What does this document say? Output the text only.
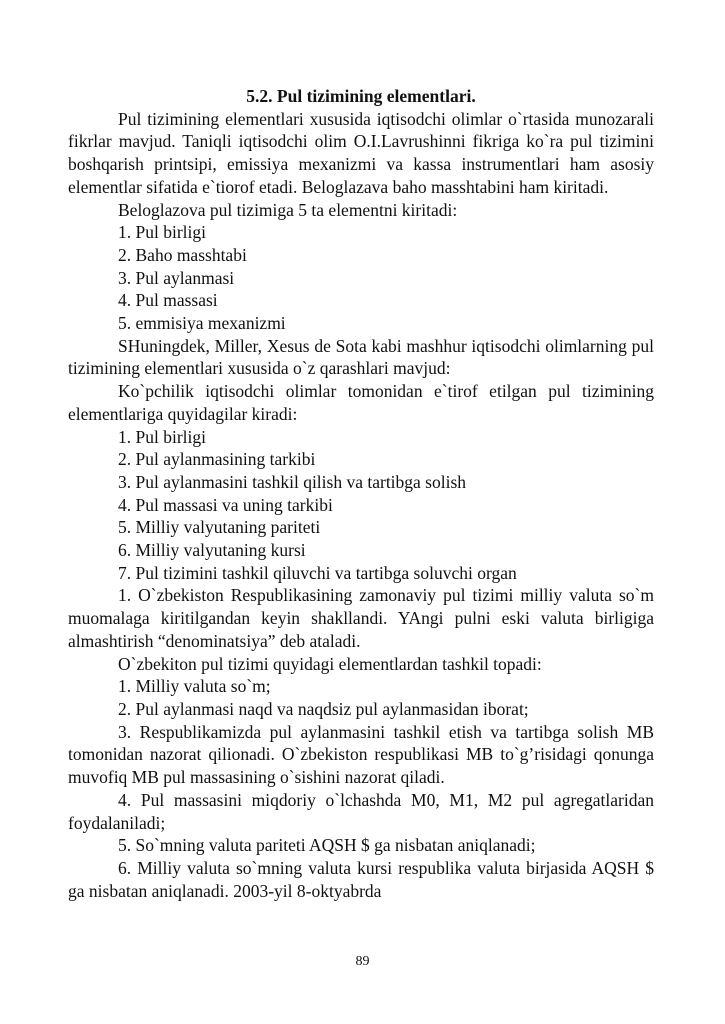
5.2. Pul tizimining elementlari.

Pul tizimining elementlari xususida iqtisodchi olimlar o`rtasida munozarali fikrlar mavjud. Taniqli iqtisodchi olim O.I.Lavrushinni fikriga ko`ra pul tizimini boshqarish printsipi, emissiya mexanizmi va kassa instrumentlari ham asosiy elementlar sifatida e`tiorof etadi. Beloglazava baho masshtabini ham kiritadi.

Beloglazova pul tizimiga 5 ta elementni kiritadi:

1. Pul birligi

2. Baho masshtabi

3. Pul aylanmasi

4. Pul massasi

5. emmisiya mexanizmi

SHuningdek, Miller, Xesus de Sota kabi mashhur iqtisodchi olimlarning pul tizimining elementlari xususida o`z qarashlari mavjud:

Ko`pchilik iqtisodchi olimlar tomonidan e`tirof etilgan pul tizimining elementlariga quyidagilar kiradi:

1. Pul birligi

2. Pul aylanmasining tarkibi

3. Pul aylanmasini tashkil qilish va tartibga solish

4. Pul massasi va uning tarkibi

5. Milliy valyutaning pariteti

6. Milliy valyutaning kursi

7. Pul tizimini tashkil qiluvchi va tartibga soluvchi organ

1. O`zbekiston Respublikasining zamonaviy pul tizimi milliy valuta so`m muomalaga kiritilgandan keyin shakllandi. YAngi pulni eski valuta birligiga almashtirish “denominatsiya” deb ataladi.

O`zbekiton pul tizimi quyidagi elementlardan tashkil topadi:

1. Milliy valuta so`m;

2. Pul aylanmasi naqd va naqdsiz pul aylanmasidan iborat;

3. Respublikamizda pul aylanmasini tashkil etish va tartibga solish MB tomonidan nazorat qilionadi. O`zbekiston respublikasi MB to`g’risidagi qonunga muvofiq MB pul massasining o`sishini nazorat qiladi.

4. Pul massasini miqdoriy o`lchashda M0, M1, M2 pul agregatlaridan foydalaniladi;

5. So`mning valuta pariteti AQSH $ ga nisbatan aniqlanadi;

6. Milliy valuta so`mning valuta kursi respublika valuta birjasida AQSH $ ga nisbatan aniqlanadi. 2003-yil 8-oktyabrda

89
